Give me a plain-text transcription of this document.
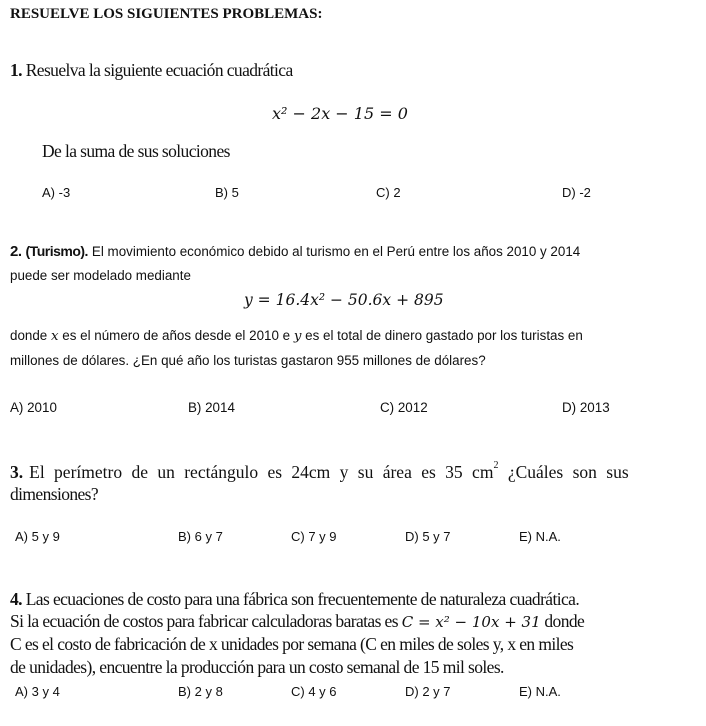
RESUELVE LOS SIGUIENTES PROBLEMAS:
1. Resuelva la siguiente ecuación cuadrática
x² − 2x − 15 = 0
De la suma de sus soluciones
A) -3	B) 5	C) 2	D) -2
2. (Turismo). El movimiento económico debido al turismo en el Perú entre los años 2010 y 2014
puede ser modelado mediante
y = 16.4x² − 50.6x + 895
donde x es el número de años desde el 2010 e y es el total de dinero gastado por los turistas en
millones de dólares. ¿En qué año los turistas gastaron 955 millones de dólares?
A) 2010	B) 2014	C) 2012	D) 2013
3. El perímetro de un rectángulo es 24cm y su área es 35 $cm^2$ ¿Cuáles son sus
dimensiones?
A) 5 y 9	B) 6 y 7	C) 7 y 9	D) 5 y 7	E) N.A.
4. Las ecuaciones de costo para una fábrica son frecuentemente de naturaleza cuadrática.
Si la ecuación de costos para fabricar calculadoras baratas es C = x² − 10x + 31 donde
C es el costo de fabricación de x unidades por semana (C en miles de soles y, x en miles
de unidades), encuentre la producción para un costo semanal de 15 mil soles.
A) 3 y 4	B) 2 y 8	C) 4 y 6	D) 2 y 7	E) N.A.
